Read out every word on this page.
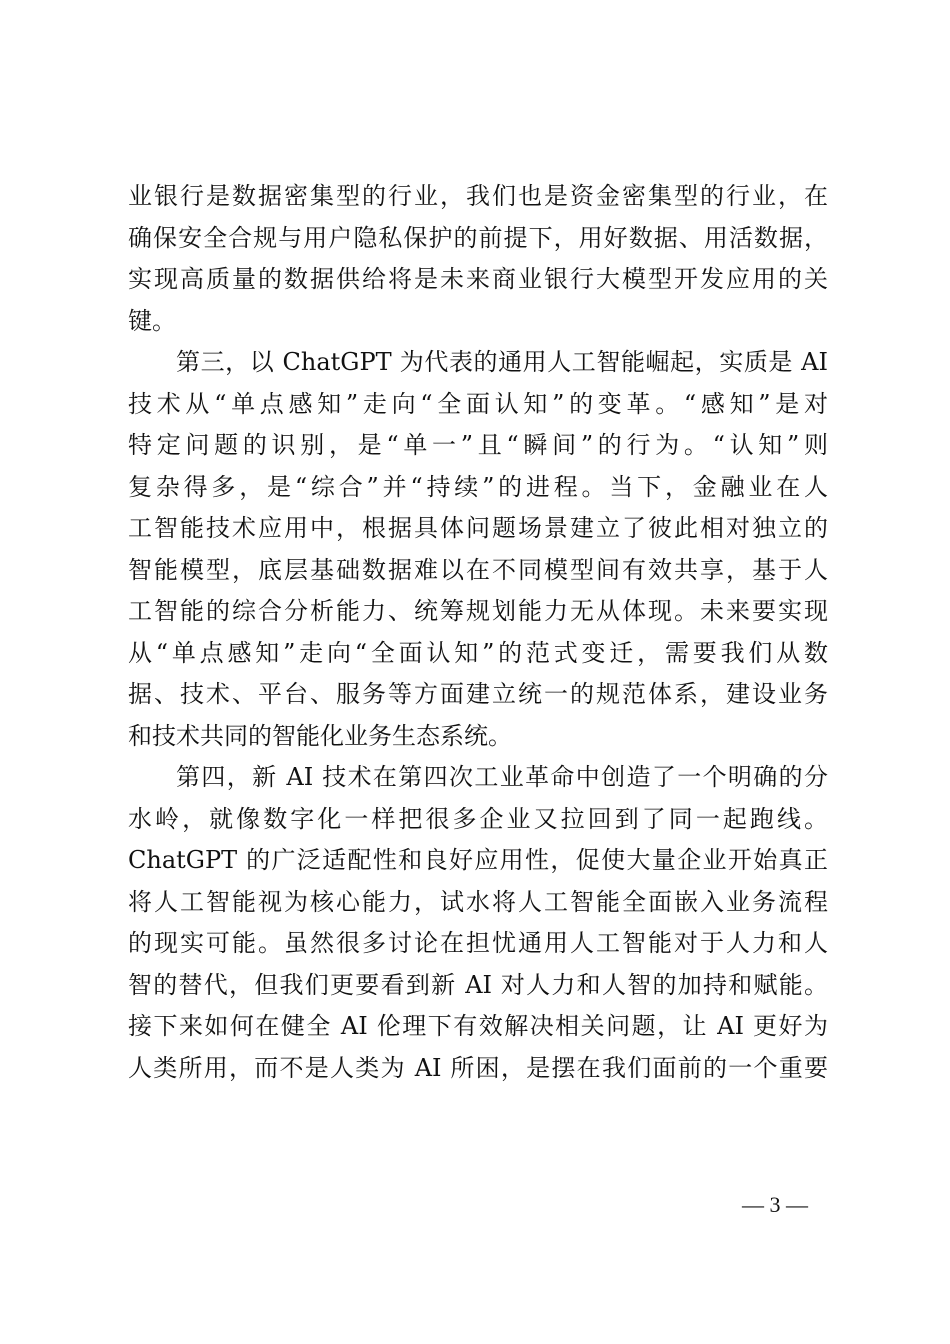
业银行是数据密集型的行业，我们也是资金密集型的行业，在
确保安全合规与用户隐私保护的前提下，用好数据、用活数据，
实现高质量的数据供给将是未来商业银行大模型开发应用的关
键。
第三，以 ChatGPT 为代表的通用人工智能崛起，实质是 AI
技术从“单点感知”走向“全面认知”的变革。“感知”是对
特定问题的识别，是“单一”且“瞬间”的行为。“认知”则
复杂得多，是“综合”并“持续”的进程。当下，金融业在人
工智能技术应用中，根据具体问题场景建立了彼此相对独立的
智能模型，底层基础数据难以在不同模型间有效共享，基于人
工智能的综合分析能力、统筹规划能力无从体现。未来要实现
从“单点感知”走向“全面认知”的范式变迁，需要我们从数
据、技术、平台、服务等方面建立统一的规范体系，建设业务
和技术共同的智能化业务生态系统。
第四，新 AI 技术在第四次工业革命中创造了一个明确的分
水岭，就像数字化一样把很多企业又拉回到了同一起跑线。
ChatGPT 的广泛适配性和良好应用性，促使大量企业开始真正
将人工智能视为核心能力，试水将人工智能全面嵌入业务流程
的现实可能。虽然很多讨论在担忧通用人工智能对于人力和人
智的替代，但我们更要看到新 AI 对人力和人智的加持和赋能。
接下来如何在健全 AI 伦理下有效解决相关问题，让 AI 更好为
人类所用，而不是人类为 AI 所困，是摆在我们面前的一个重要
— 3 —
